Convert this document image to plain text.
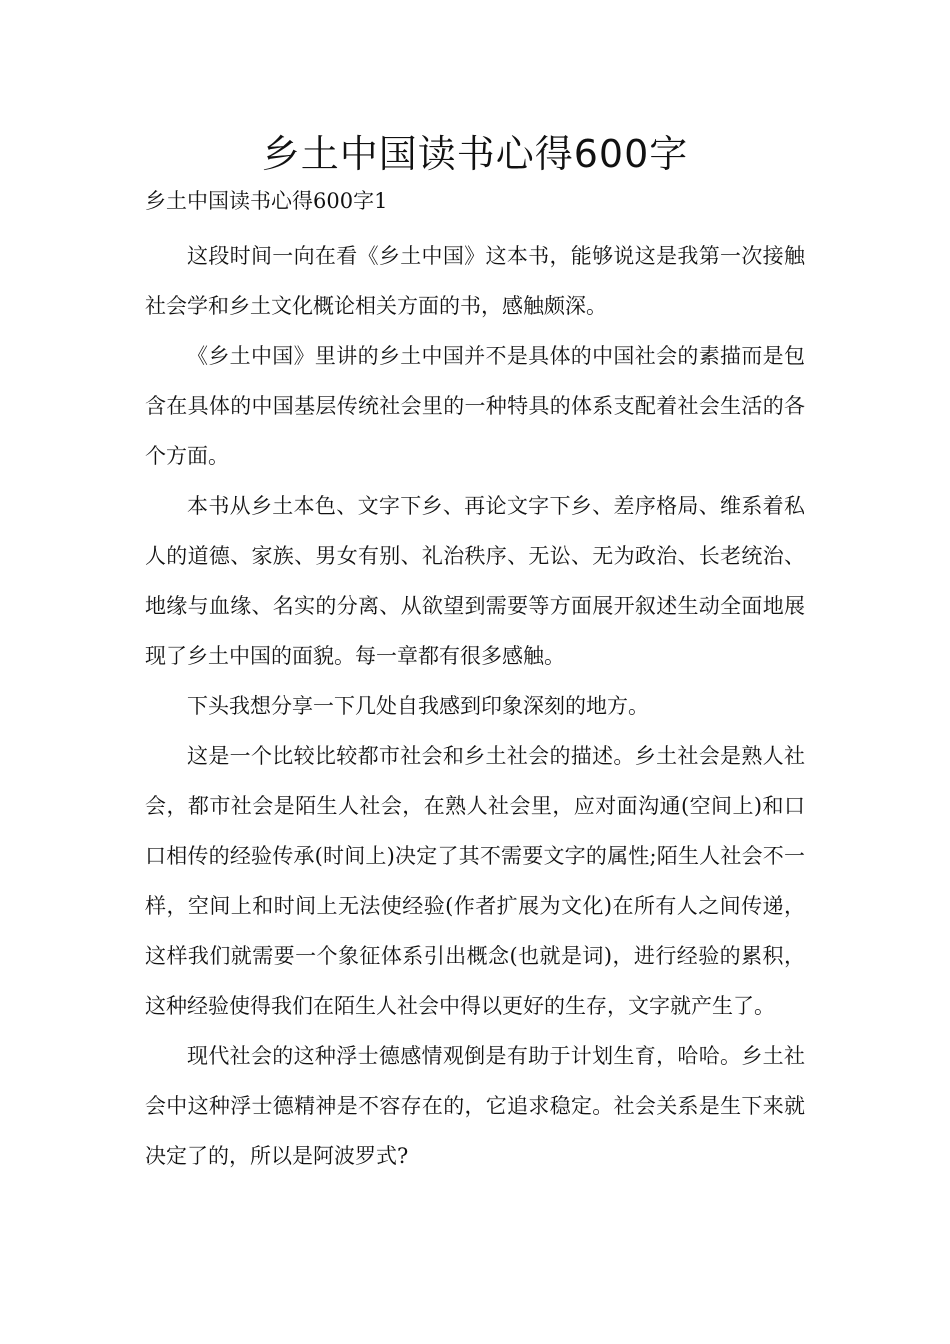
乡土中国读书心得600字
乡土中国读书心得600字1

这段时间一向在看《乡土中国》这本书，能够说这是我第一次接触社会学和乡土文化概论相关方面的书，感触颇深。

《乡土中国》里讲的乡土中国并不是具体的中国社会的素描而是包含在具体的中国基层传统社会里的一种特具的体系支配着社会生活的各个方面。

本书从乡土本色、文字下乡、再论文字下乡、差序格局、维系着私人的道德、家族、男女有别、礼治秩序、无讼、无为政治、长老统治、地缘与血缘、名实的分离、从欲望到需要等方面展开叙述生动全面地展现了乡土中国的面貌。每一章都有很多感触。

下头我想分享一下几处自我感到印象深刻的地方。

这是一个比较比较都市社会和乡土社会的描述。乡土社会是熟人社会，都市社会是陌生人社会，在熟人社会里，应对面沟通(空间上)和口口相传的经验传承(时间上)决定了其不需要文字的属性;陌生人社会不一样，空间上和时间上无法使经验(作者扩展为文化)在所有人之间传递，这样我们就需要一个象征体系引出概念(也就是词)，进行经验的累积，这种经验使得我们在陌生人社会中得以更好的生存，文字就产生了。

现代社会的这种浮士德感情观倒是有助于计划生育，哈哈。乡土社会中这种浮士德精神是不容存在的，它追求稳定。社会关系是生下来就决定了的，所以是阿波罗式?
